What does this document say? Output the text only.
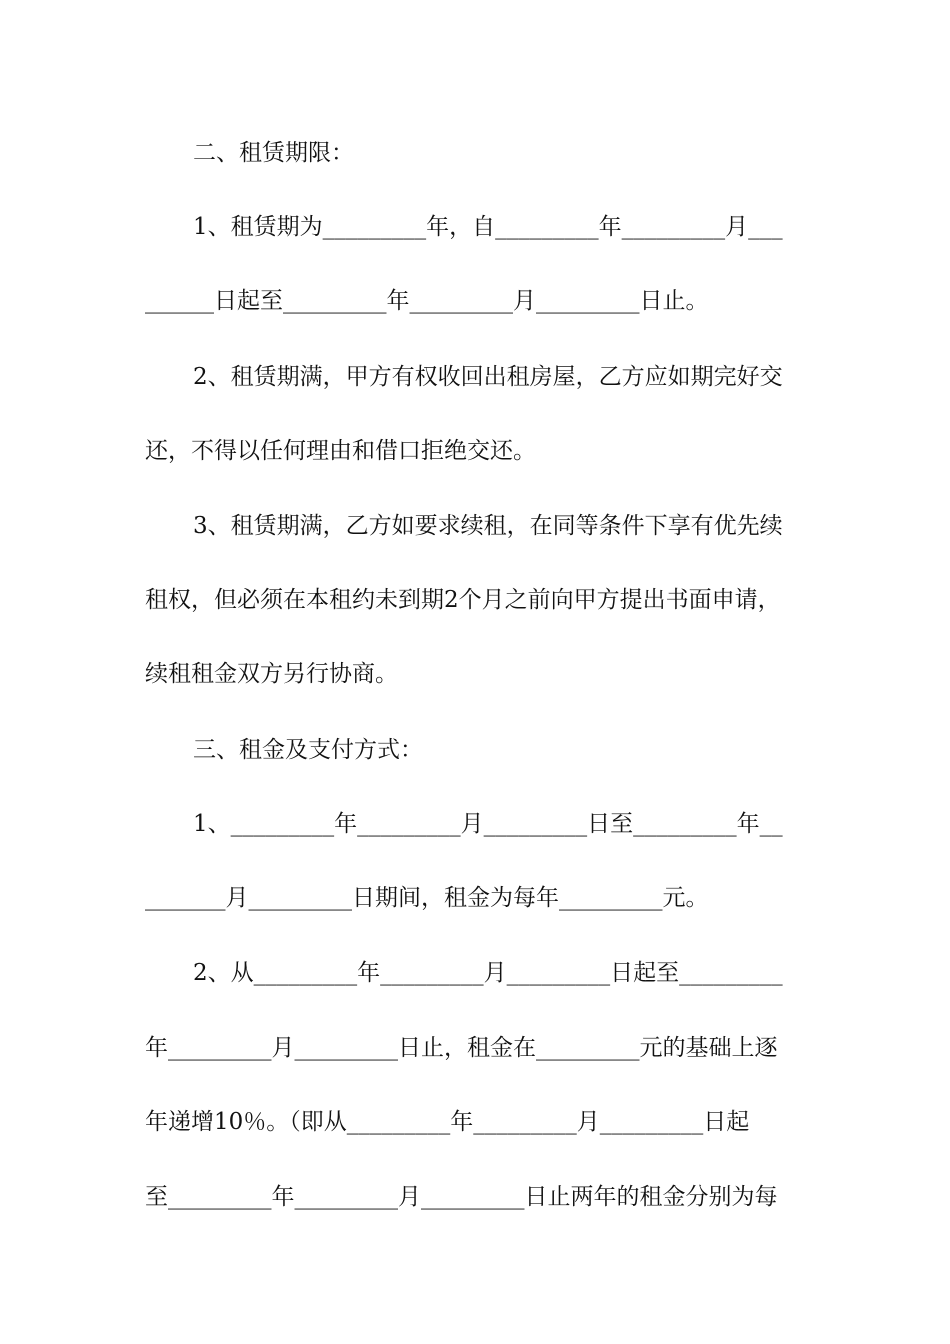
二、租赁期限：

1、租赁期为_________年，自_________年_________月___

______日起至_________年_________月_________日止。

2、租赁期满，甲方有权收回出租房屋，乙方应如期完好交

还，不得以任何理由和借口拒绝交还。

3、租赁期满，乙方如要求续租，在同等条件下享有优先续

租权，但必须在本租约未到期2个月之前向甲方提出书面申请，

续租租金双方另行协商。

三、租金及支付方式：

1、_________年_________月_________日至_________年__

_______月_________日期间，租金为每年_________元。

2、从_________年_________月_________日起至_________

年_________月_________日止，租金在_________元的基础上逐

年递增10％。（即从_________年_________月_________日起

至_________年_________月_________日止两年的租金分别为每
